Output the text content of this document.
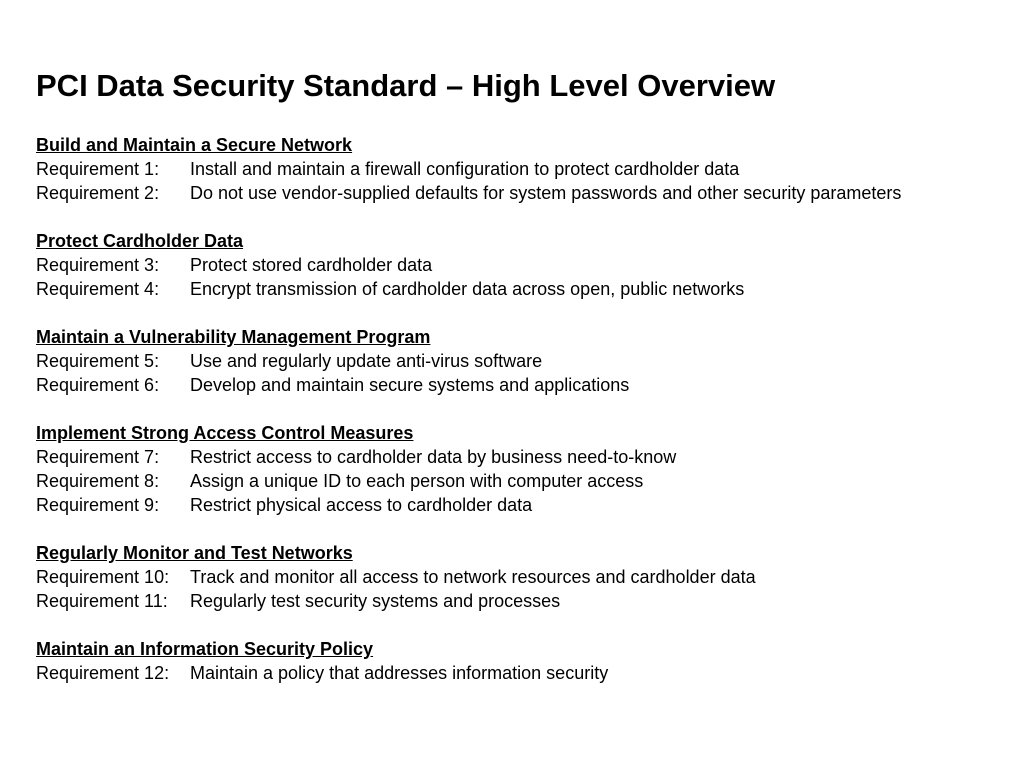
PCI Data Security Standard – High Level Overview
Build and Maintain a Secure Network
Requirement 1:	Install and maintain a firewall configuration to protect cardholder data
Requirement 2:	Do not use vendor-supplied defaults for system passwords and other security parameters
Protect Cardholder Data
Requirement 3:	Protect stored cardholder data
Requirement 4:	Encrypt transmission of cardholder data across open, public networks
Maintain a Vulnerability Management Program
Requirement 5:	Use and regularly update anti-virus software
Requirement 6:	Develop and maintain secure systems and applications
Implement Strong Access Control Measures
Requirement 7:	Restrict access to cardholder data by business need-to-know
Requirement 8:	Assign a unique ID to each person with computer access
Requirement 9:	Restrict physical access to cardholder data
Regularly Monitor and Test Networks
Requirement 10:	Track and monitor all access to network resources and cardholder data
Requirement 11:	Regularly test security systems and processes
Maintain an Information Security Policy
Requirement 12:	Maintain a policy that addresses information security
